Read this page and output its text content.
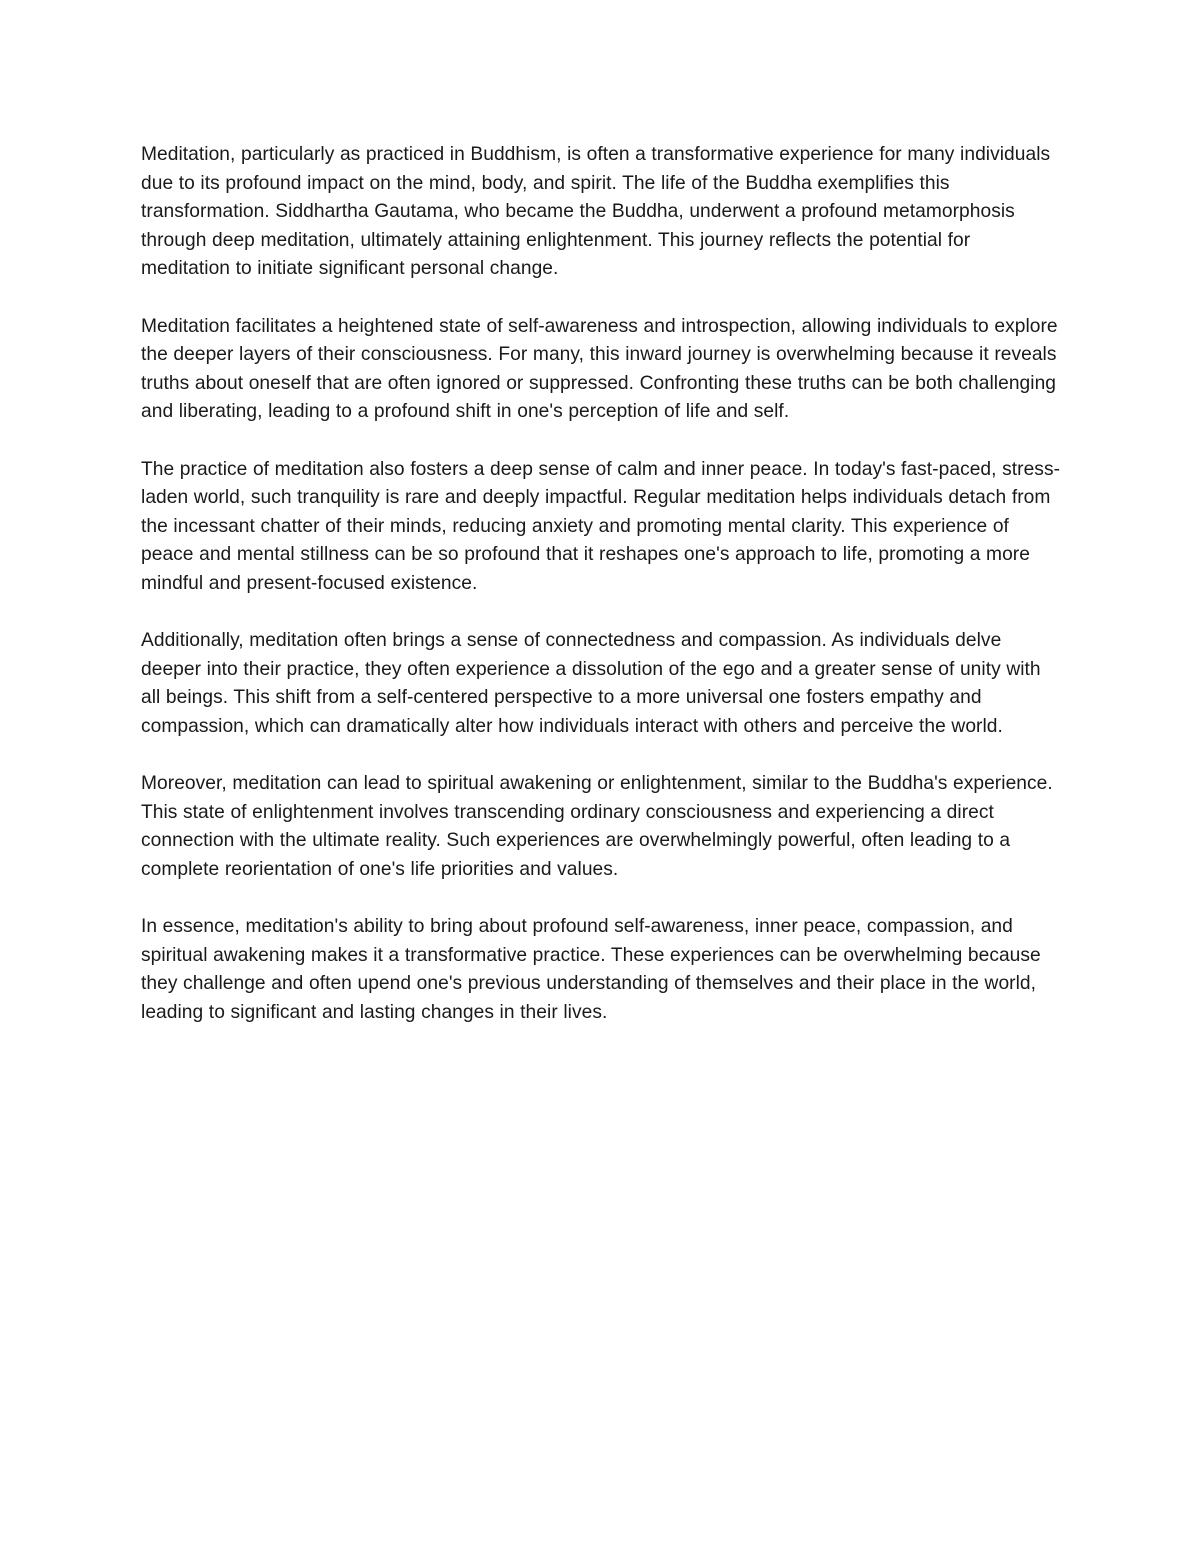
Meditation, particularly as practiced in Buddhism, is often a transformative experience for many individuals due to its profound impact on the mind, body, and spirit. The life of the Buddha exemplifies this transformation. Siddhartha Gautama, who became the Buddha, underwent a profound metamorphosis through deep meditation, ultimately attaining enlightenment. This journey reflects the potential for meditation to initiate significant personal change.

Meditation facilitates a heightened state of self-awareness and introspection, allowing individuals to explore the deeper layers of their consciousness. For many, this inward journey is overwhelming because it reveals truths about oneself that are often ignored or suppressed. Confronting these truths can be both challenging and liberating, leading to a profound shift in one's perception of life and self.

The practice of meditation also fosters a deep sense of calm and inner peace. In today's fast-paced, stress-laden world, such tranquility is rare and deeply impactful. Regular meditation helps individuals detach from the incessant chatter of their minds, reducing anxiety and promoting mental clarity. This experience of peace and mental stillness can be so profound that it reshapes one's approach to life, promoting a more mindful and present-focused existence.

Additionally, meditation often brings a sense of connectedness and compassion. As individuals delve deeper into their practice, they often experience a dissolution of the ego and a greater sense of unity with all beings. This shift from a self-centered perspective to a more universal one fosters empathy and compassion, which can dramatically alter how individuals interact with others and perceive the world.

Moreover, meditation can lead to spiritual awakening or enlightenment, similar to the Buddha's experience. This state of enlightenment involves transcending ordinary consciousness and experiencing a direct connection with the ultimate reality. Such experiences are overwhelmingly powerful, often leading to a complete reorientation of one's life priorities and values.

In essence, meditation's ability to bring about profound self-awareness, inner peace, compassion, and spiritual awakening makes it a transformative practice. These experiences can be overwhelming because they challenge and often upend one's previous understanding of themselves and their place in the world, leading to significant and lasting changes in their lives.
